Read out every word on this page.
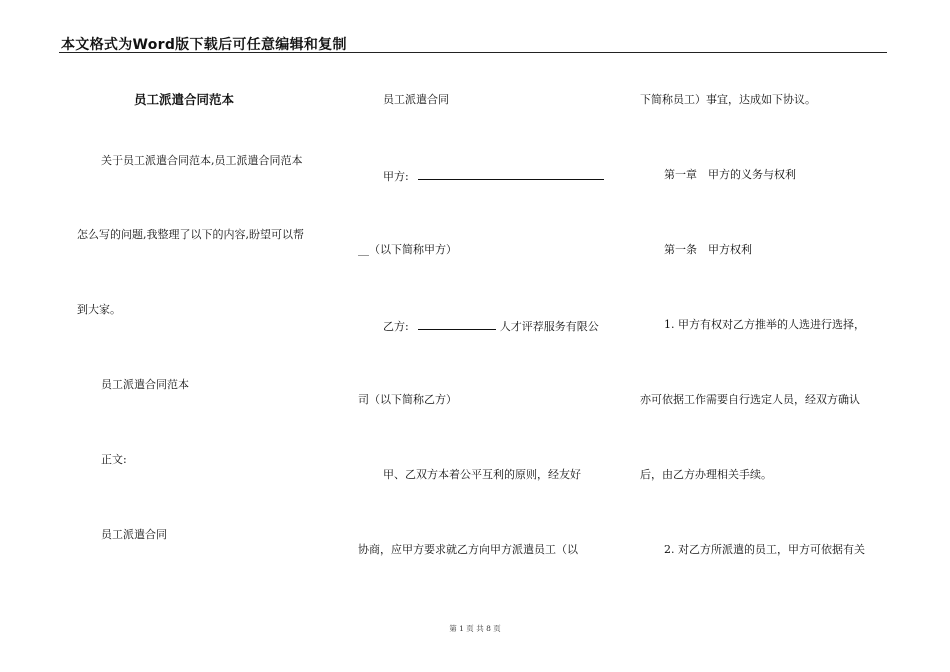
本文格式为Word版下载后可任意编辑和复制
员工派遣合同范本
关于员工派遣合同范本,员工派遣合同范本
怎么写的问题,我整理了以下的内容,盼望可以帮
到大家。
员工派遣合同范本
正文:
员工派遣合同
员工派遣合同
甲方:
__（以下简称甲方）
乙方:	人才评荐服务有限公
司（以下简称乙方）
甲、乙双方本着公平互利的原则，经友好
协商，应甲方要求就乙方向甲方派遣员工（以
下简称员工）事宜，达成如下协议。
第一章　甲方的义务与权利
第一条　甲方权利
1. 甲方有权对乙方推举的人选进行选择，
亦可依据工作需要自行选定人员，经双方确认
后，由乙方办理相关手续。
2. 对乙方所派遣的员工，甲方可依据有关
第 1 页 共 8 页
